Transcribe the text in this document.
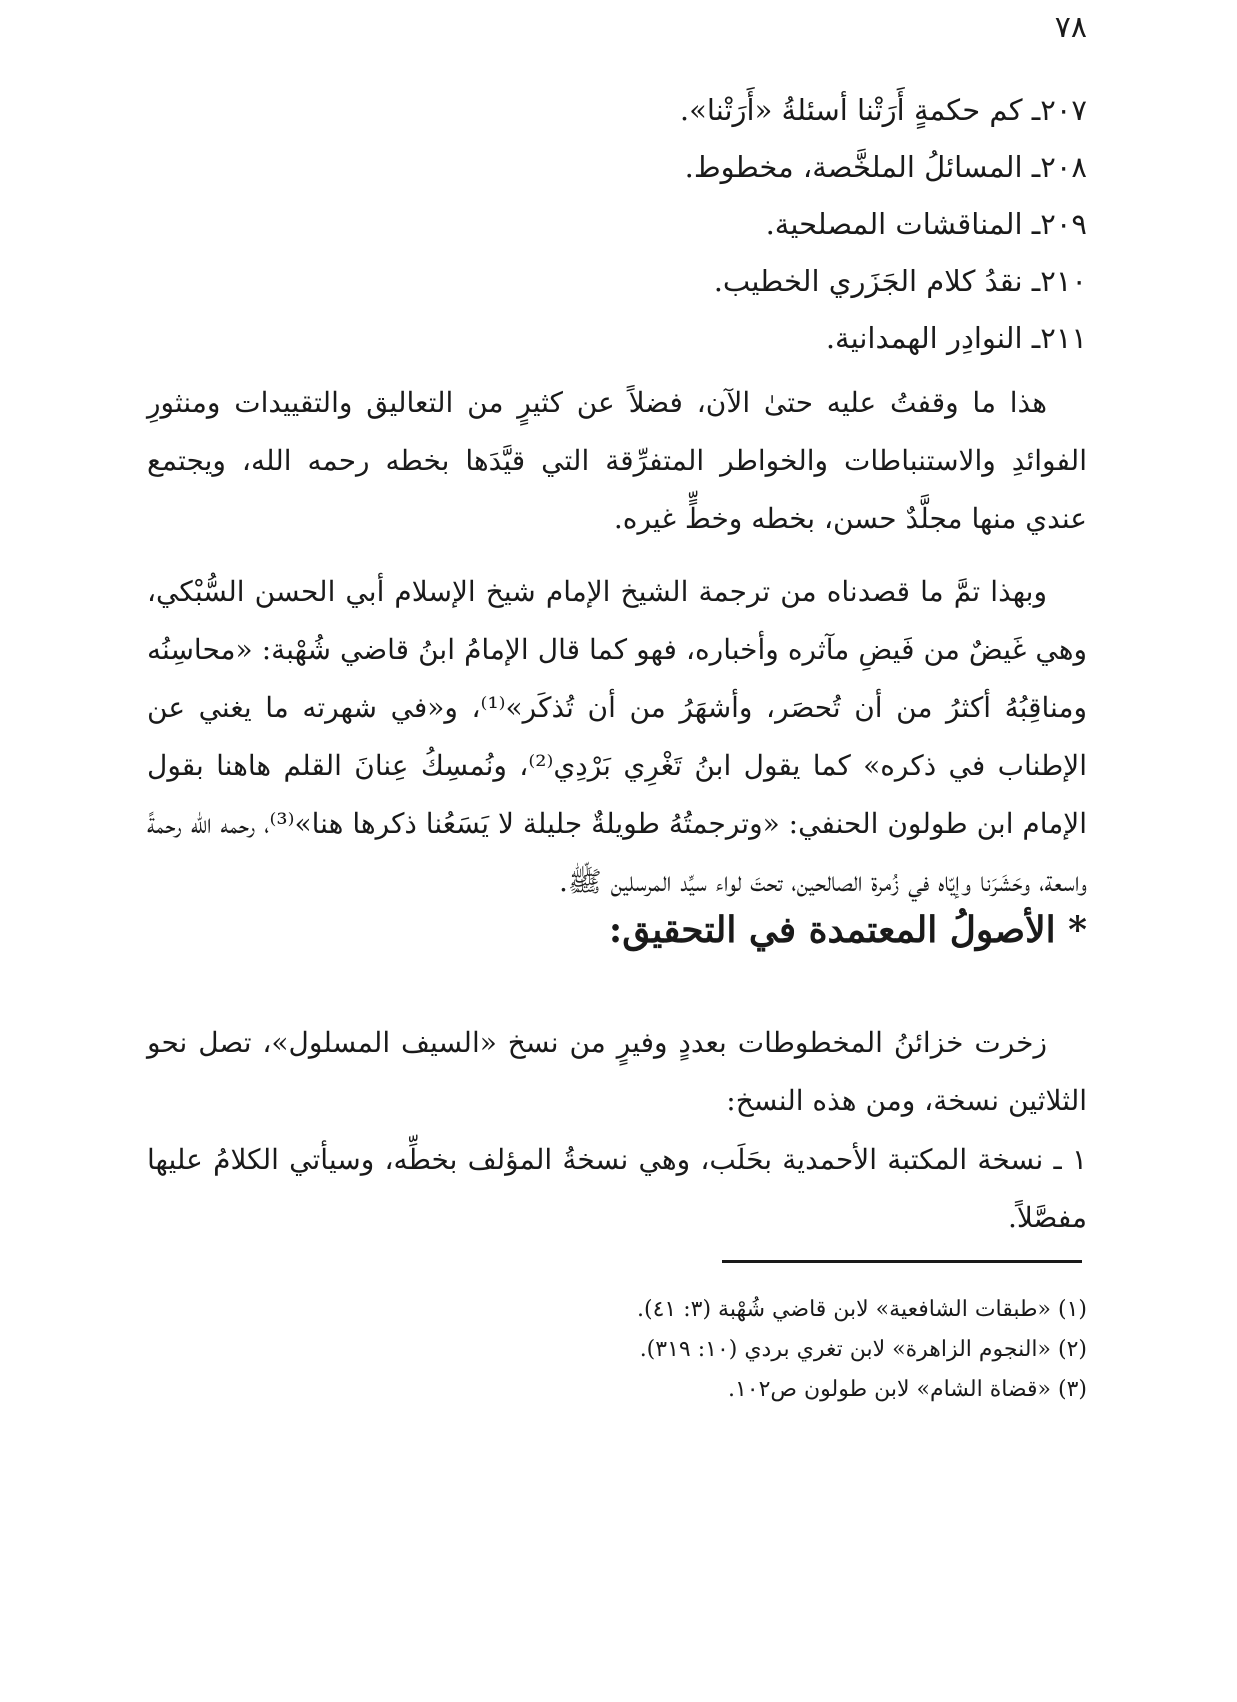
٧٨
٢٠٧ـ كم حكمةٍ أَرَتْنا أسئلةُ «أَرَتْنا».
٢٠٨ـ المسائلُ الملخَّصة، مخطوط.
٢٠٩ـ المناقشات المصلحية.
٢١٠ـ نقدُ كلام الجَزَري الخطيب.
٢١١ـ النوادِر الهمدانية.

هذا ما وقفتُ عليه حتىٰ الآن، فضلاً عن كثيرٍ من التعاليق والتقييدات ومنثورِ الفوائدِ والاستنباطات والخواطر المتفرِّقة التي قيَّدَها بخطه رحمه الله، ويجتمع عندي منها مجلَّدٌ حسن، بخطه وخطٍّ غيره.

وبهذا تمَّ ما قصدناه من ترجمة الشيخ الإمام شيخ الإسلام أبي الحسن السُّبْكي، وهي غَيضٌ من فَيضِ مآثره وأخباره، فهو كما قال الإمامُ ابنُ قاضي شُهْبة: «محاسِنُه ومناقِبُهُ أكثرُ من أن تُحصَر، وأشهَرُ من أن تُذكَر»⁽¹⁾، و«في شهرته ما يغني عن الإطناب في ذكره» كما يقول ابنُ تَغْرِي بَرْدِي⁽²⁾، ونُمسِكُ عِنانَ القلم هاهنا بقول الإمام ابن طولون الحنفي: «وترجمتُهُ طويلةٌ جليلة لا يَسَعُنا ذكرها هنا»⁽³⁾، رحمه الله رحمةً واسعة، وحَشَرَنا وإيّاه في زُمرة الصالحين، تحتَ لواء سيِّد المرسلين ﷺ.

* الأصولُ المعتمدة في التحقيق:

زخرت خزائنُ المخطوطات بعددٍ وفيرٍ من نسخ «السيف المسلول»، تصل نحو الثلاثين نسخة، ومن هذه النسخ:

١ ـ نسخة المكتبة الأحمدية بحَلَب، وهي نسخةُ المؤلف بخطِّه، وسيأتي الكلامُ عليها مفصَّلاً.

(١) «طبقات الشافعية» لابن قاضي شُهْبة (٣: ٤١).
(٢) «النجوم الزاهرة» لابن تغري بردي (١٠: ٣١٩).
(٣) «قضاة الشام» لابن طولون ص١٠٢.
